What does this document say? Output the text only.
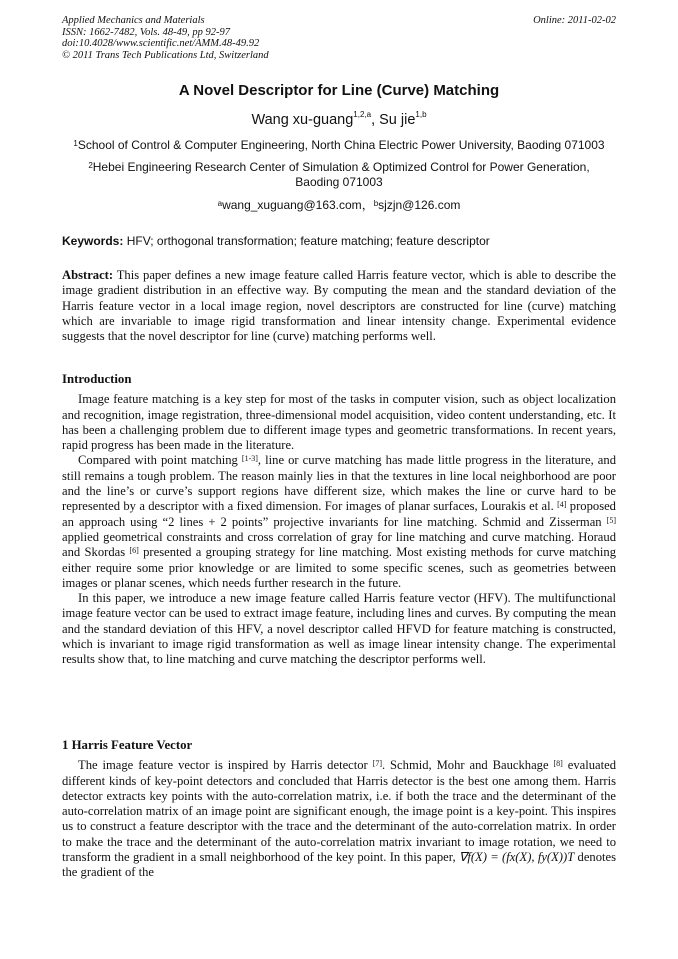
Applied Mechanics and Materials
ISSN: 1662-7482, Vols. 48-49, pp 92-97
doi:10.4028/www.scientific.net/AMM.48-49.92
© 2011 Trans Tech Publications Ltd, Switzerland
Online: 2011-02-02
A Novel Descriptor for Line (Curve) Matching
Wang xu-guang$^{1,2,a}$, Su jie$^{1,b}$
$^1$School of Control & Computer Engineering, North China Electric Power University, Baoding 071003
$^2$Hebei Engineering Research Center of Simulation & Optimized Control for Power Generation,
Baoding 071003
$^a$wang_xuguang@163.com，$^b$sjzjn@126.com
Keywords: HFV; orthogonal transformation; feature matching; feature descriptor

Abstract: This paper defines a new image feature called Harris feature vector, which is able to describe the image gradient distribution in an effective way. By computing the mean and the standard deviation of the Harris feature vector in a local image region, novel descriptors are constructed for line (curve) matching which are invariable to image rigid transformation and linear intensity change. Experimental evidence suggests that the novel descriptor for line (curve) matching performs well.

Introduction

Image feature matching is a key step for most of the tasks in computer vision, such as object localization and recognition, image registration, three-dimensional model acquisition, video content understanding, etc. It has been a challenging problem due to different image types and geometric transformations. In recent years, rapid progress has been made in the literature.

Compared with point matching [1-3], line or curve matching has made little progress in the literature, and still remains a tough problem. The reason mainly lies in that the textures in line local neighborhood are poor and the line’s or curve’s support regions have different size, which makes the line or curve hard to be represented by a descriptor with a fixed dimension. For images of planar surfaces, Lourakis et al. [4] proposed an approach using “2 lines + 2 points” projective invariants for line matching. Schmid and Zisserman [5] applied geometrical constraints and cross correlation of gray for line matching and curve matching. Horaud and Skordas [6] presented a grouping strategy for line matching. Most existing methods for curve matching either require some prior knowledge or are limited to some specific scenes, such as geometries between images or planar scenes, which needs further research in the future.

In this paper, we introduce a new image feature called Harris feature vector (HFV). The multifunctional image feature vector can be used to extract image feature, including lines and curves. By computing the mean and the standard deviation of this HFV, a novel descriptor called HFVD for feature matching is constructed, which is invariant to image rigid transformation as well as image linear intensity change. The experimental results show that, to line matching and curve matching the descriptor performs well.

1 Harris Feature Vector

The image feature vector is inspired by Harris detector [7]. Schmid, Mohr and Bauckhage [8] evaluated different kinds of key-point detectors and concluded that Harris detector is the best one among them. Harris detector extracts key points with the auto-correlation matrix, i.e. if both the trace and the determinant of the auto-correlation matrix of an image point are significant enough, the image point is a key-point. This inspires us to construct a feature descriptor with the trace and the determinant of the auto-correlation matrix. In order to make the trace and the determinant of the auto-correlation matrix invariant to image rotation, we need to transform the gradient in a small neighborhood of the key point. In this paper, ∇f(X) = (fx(X), fy(X))T denotes the gradient of the
